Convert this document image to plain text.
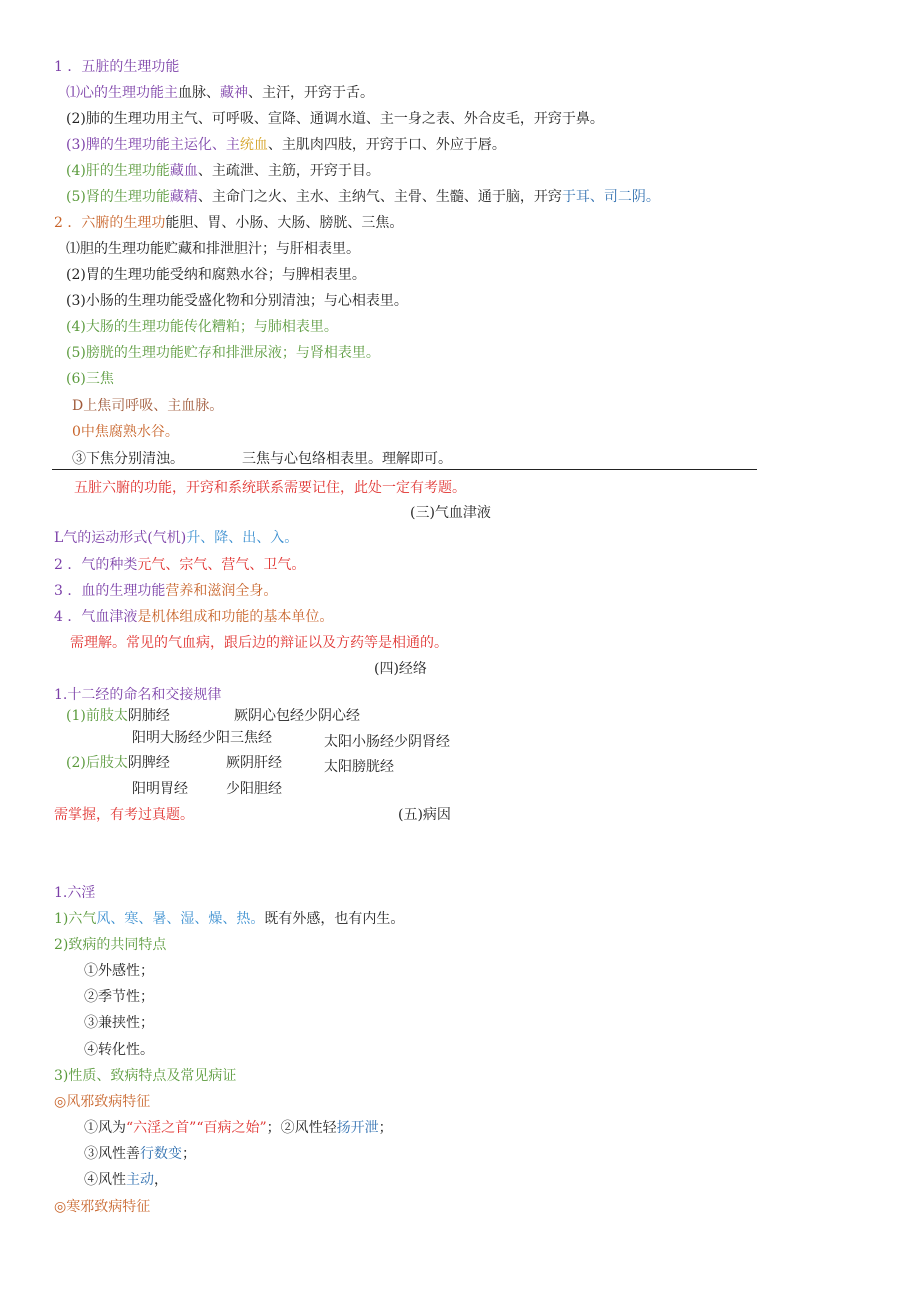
1 ．五脏的生理功能
⑴心的生理功能主血脉、藏神、主汗，开窍于舌。
(2)肺的生理功用主气、可呼吸、宣降、通调水道、主一身之表、外合皮毛，开窍于鼻。
(3)脾的生理功能主运化、主统血、主肌肉四肢，开窍于口、外应于唇。
(4)肝的生理功能藏血、主疏泄、主筋，开窍于目。
(5)肾的生理功能藏精、主命门之火、主水、主纳气、主骨、生髓、通于脑，开窍于耳、司二阴。
2 ．六腑的生理功能胆、胃、小肠、大肠、膀胱、三焦。
⑴胆的生理功能贮藏和排泄胆汁；与肝相表里。
(2)胃的生理功能受纳和腐熟水谷；与脾相表里。
(3)小肠的生理功能受盛化物和分别清浊；与心相表里。
(4)大肠的生理功能传化糟粕；与肺相表里。
(5)膀胱的生理功能贮存和排泄尿液；与肾相表里。
(6)三焦
D上焦司呼吸、主血脉。
0中焦腐熟水谷。
③下焦分别清浊。	三焦与心包络相表里。理解即可。
五脏六腑的功能，开窍和系统联系需要记住，此处一定有考题。
(三)气血津液
L气的运动形式(气机)升、降、出、入。
2 ．气的种类元气、宗气、营气、卫气。
3 ．血的生理功能营养和滋润全身。
4 ．气血津液是机体组成和功能的基本单位。
需理解。常见的气血病，跟后边的辩证以及方药等是相通的。
(四)经络
1.十二经的命名和交接规律
(1)前肢太阴肺经	厥阴心包经少阴心经
阳明大肠经少阳三焦经	太阳小肠经少阴肾经
(2)后肢太阴脾经	厥阴肝经	太阳膀胱经
阳明胃经	少阳胆经
需掌握，有考过真题。	(五)病因
1.六淫
1)六气风、寒、暑、湿、燥、热。既有外感，也有内生。
2)致病的共同特点
①外感性；
②季节性；
③兼挟性；
④转化性。
3)性质、致病特点及常见病证
◎风邪致病特征
①风为“六淫之首”“百病之始”；②风性轻扬开泄；
③风性善行数变；
④风性主动，
◎寒邪致病特征
